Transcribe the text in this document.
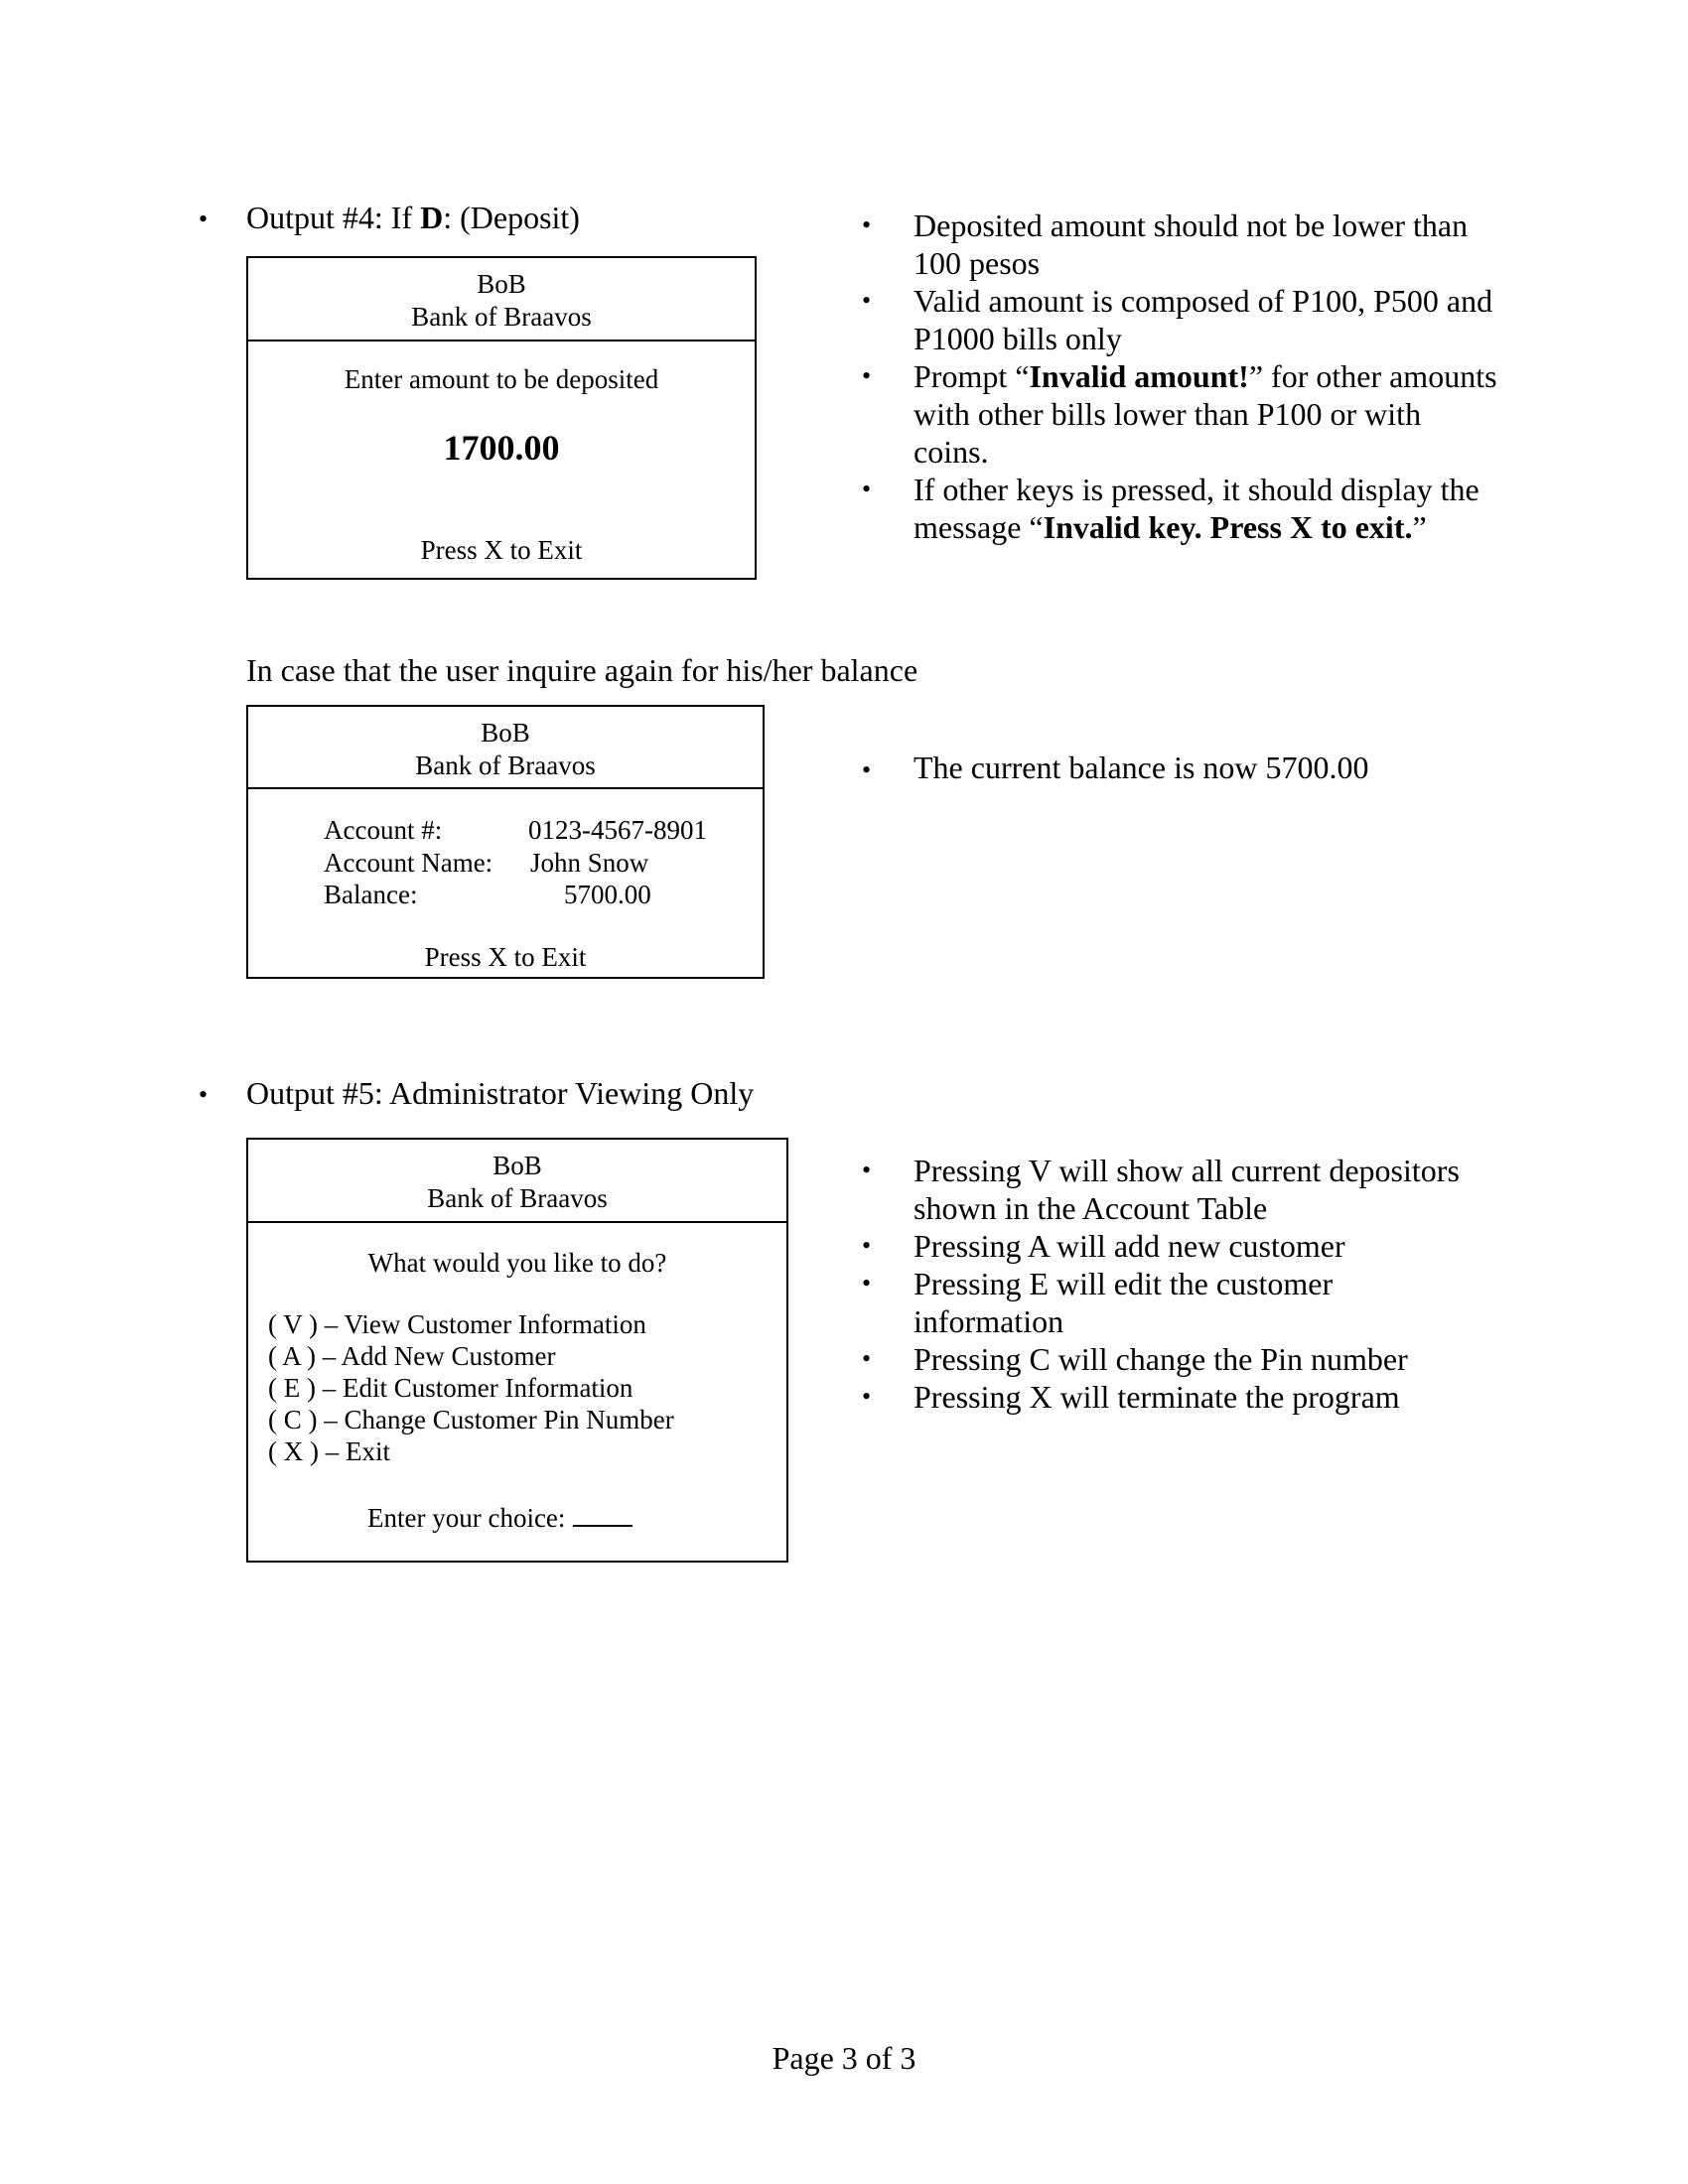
• Output #4: If D: (Deposit)
BoB
Bank of Braavos
Enter amount to be deposited
1700.00
Press X to Exit
• Deposited amount should not be lower than 100 pesos
• Valid amount is composed of P100, P500 and P1000 bills only
• Prompt “Invalid amount!” for other amounts with other bills lower than P100 or with coins.
• If other keys is pressed, it should display the message “Invalid key. Press X to exit.”
In case that the user inquire again for his/her balance
BoB
Bank of Braavos
Account #:	0123-4567-8901
Account Name: John Snow
Balance:	5700.00
Press X to Exit
• The current balance is now 5700.00
• Output #5: Administrator Viewing Only
BoB
Bank of Braavos
What would you like to do?
( V ) – View Customer Information
( A ) – Add New Customer
( E ) – Edit Customer Information
( C ) – Change Customer Pin Number
( X ) – Exit
Enter your choice:
• Pressing V will show all current depositors shown in the Account Table
• Pressing A will add new customer
• Pressing E will edit the customer information
• Pressing C will change the Pin number
• Pressing X will terminate the program
Page 3 of 3
